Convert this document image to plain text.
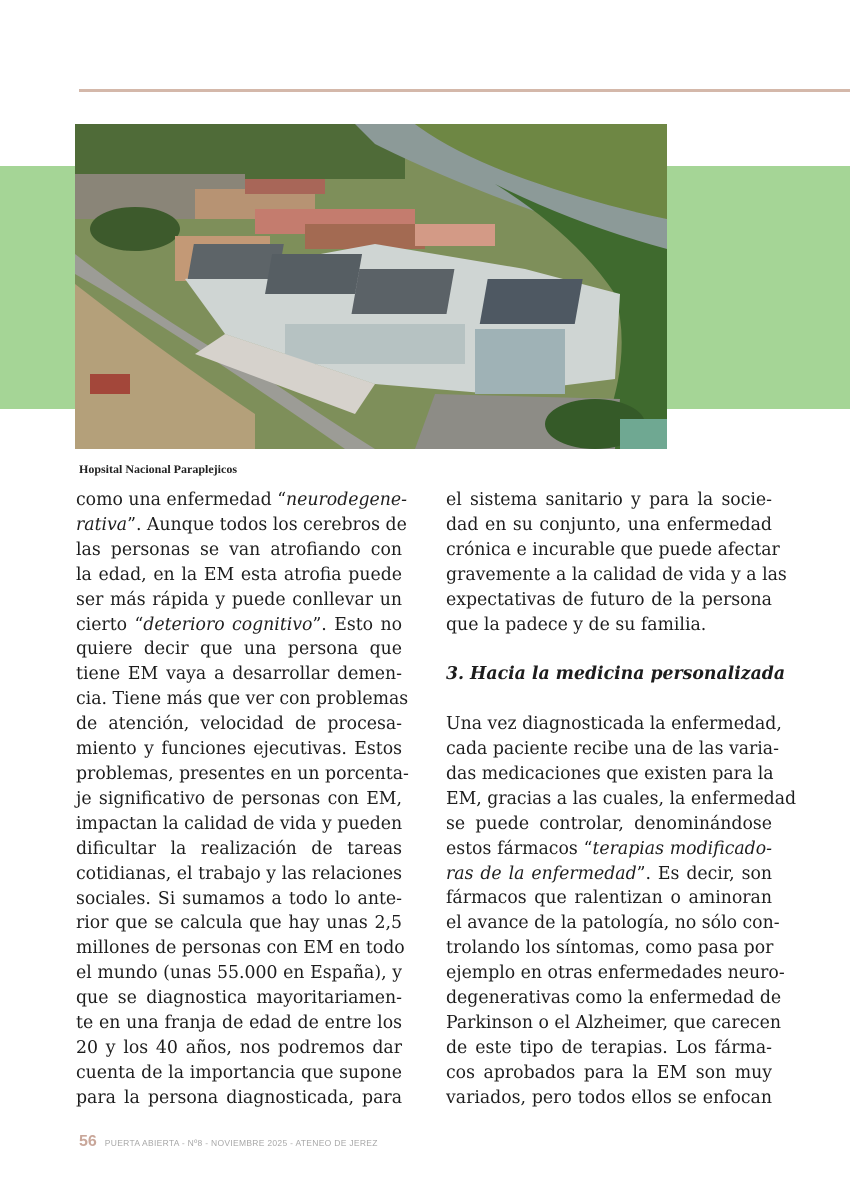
Hopsital Nacional Paraplejicos
como una enfermedad “neurodegene-
rativa”. Aunque todos los cerebros de
las personas se van atrofiando con
la edad, en la EM esta atrofia puede
ser más rápida y puede conllevar un
cierto “deterioro cognitivo”. Esto no
quiere decir que una persona que
tiene EM vaya a desarrollar demen-
cia. Tiene más que ver con problemas
de atención, velocidad de procesa-
miento y funciones ejecutivas. Estos
problemas, presentes en un porcenta-
je significativo de personas con EM,
impactan la calidad de vida y pueden
dificultar la realización de tareas
cotidianas, el trabajo y las relaciones
sociales. Si sumamos a todo lo ante-
rior que se calcula que hay unas 2,5
millones de personas con EM en todo
el mundo (unas 55.000 en España), y
que se diagnostica mayoritariamen-
te en una franja de edad de entre los
20 y los 40 años, nos podremos dar
cuenta de la importancia que supone
para la persona diagnosticada, para
el sistema sanitario y para la socie-
dad en su conjunto, una enfermedad
crónica e incurable que puede afectar
gravemente a la calidad de vida y a las
expectativas de futuro de la persona
que la padece y de su familia.
3. Hacia la medicina personalizada
Una vez diagnosticada la enfermedad,
cada paciente recibe una de las varia-
das medicaciones que existen para la
EM, gracias a las cuales, la enfermedad
se puede controlar, denominándose
estos fármacos “terapias modificado-
ras de la enfermedad”. Es decir, son
fármacos que ralentizan o aminoran
el avance de la patología, no sólo con-
trolando los síntomas, como pasa por
ejemplo en otras enfermedades neuro-
degenerativas como la enfermedad de
Parkinson o el Alzheimer, que carecen
de este tipo de terapias. Los fárma-
cos aprobados para la EM son muy
variados, pero todos ellos se enfocan
56 PUERTA ABIERTA - Nº8 - NOVIEMBRE 2025 - ATENEO DE JEREZ
